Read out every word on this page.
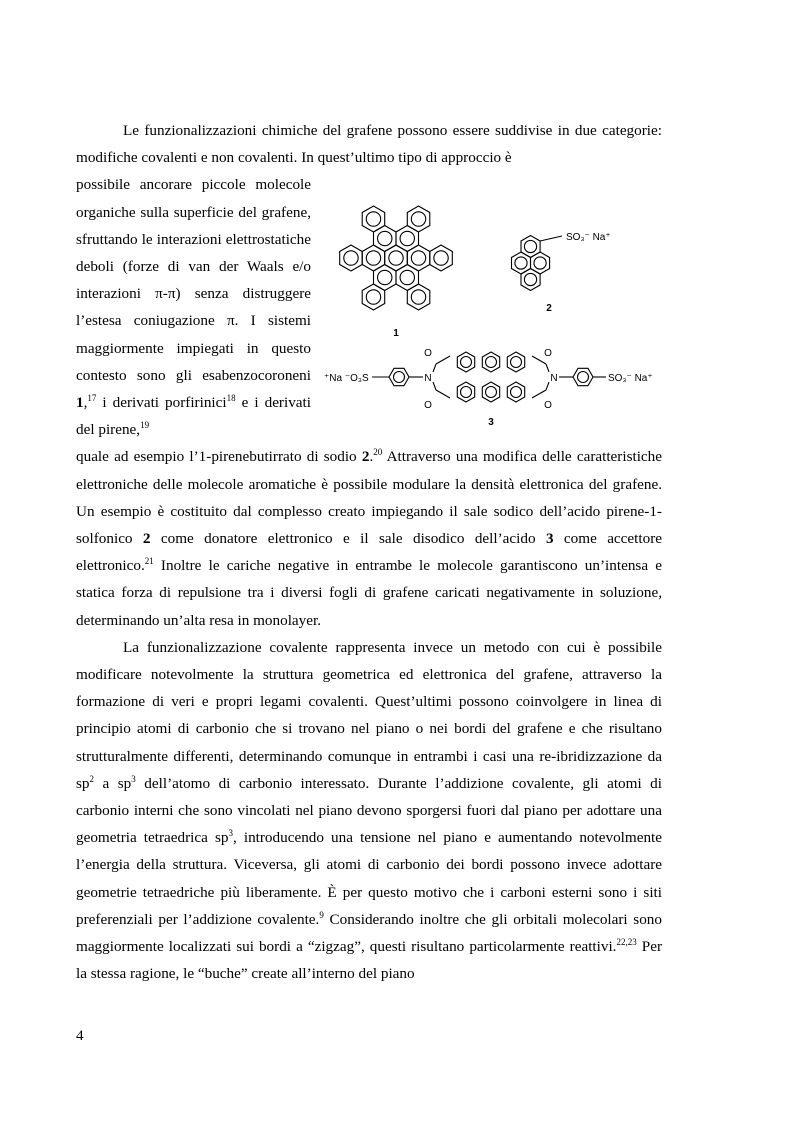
Le funzionalizzazioni chimiche del grafene possono essere suddivise in due categorie: modifiche covalenti e non covalenti. In quest’ultimo tipo di approccio è

possibile ancorare piccole molecole organiche sulla superficie del grafene, sfruttando le interazioni elettrostatiche deboli (forze di van der Waals e/o interazioni π-π) senza distruggere l’estesa coniugazione π. I sistemi maggiormente impiegati in questo contesto sono gli esabenzocoroneni 1,17 i derivati porfirinici$^{18}$ e i derivati del pirene,$^{19}$

quale ad esempio l’1-pirenebutirrato di sodio 2.20 Attraverso una modifica delle caratteristiche elettroniche delle molecole aromatiche è possibile modulare la densità elettronica del grafene. Un esempio è costituito dal complesso creato impiegando il sale sodico dell’acido pirene-1-solfonico 2 come donatore elettronico e il sale disodico dell’acido 3 come accettore elettronico.$^{21}$ Inoltre le cariche negative in entrambe le molecole garantiscono un’intensa e statica forza di repulsione tra i diversi fogli di grafene caricati negativamente in soluzione, determinando un’alta resa in monolayer.

La funzionalizzazione covalente rappresenta invece un metodo con cui è possibile modificare notevolmente la struttura geometrica ed elettronica del grafene, attraverso la formazione di veri e propri legami covalenti. Quest’ultimi possono coinvolgere in linea di principio atomi di carbonio che si trovano nel piano o nei bordi del grafene e che risultano strutturalmente differenti, determinando comunque in entrambi i casi una re-ibridizzazione da $sp^2$ a $sp^3$ dell’atomo di carbonio interessato. Durante l’addizione covalente, gli atomi di carbonio interni che sono vincolati nel piano devono sporgersi fuori dal piano per adottare una geometria tetraedrica $sp^3$, introducendo una tensione nel piano e aumentando notevolmente l’energia della struttura. Viceversa, gli atomi di carbonio dei bordi possono invece adottare geometrie tetraedriche più liberamente. È per questo motivo che i carboni esterni sono i siti preferenziali per l’addizione covalente.$^9$ Considerando inoltre che gli orbitali molecolari sono maggiormente localizzati sui bordi a “zigzag”, questi risultano particolarmente reattivi.$^{22,23}$ Per la stessa ragione, le “buche” create all’interno del piano

1
2
3
SO₃⁻ Na⁺
⁺Na ⁻O₃S	SO₃⁻ Na⁺
N	N
O
O
O
O
4
